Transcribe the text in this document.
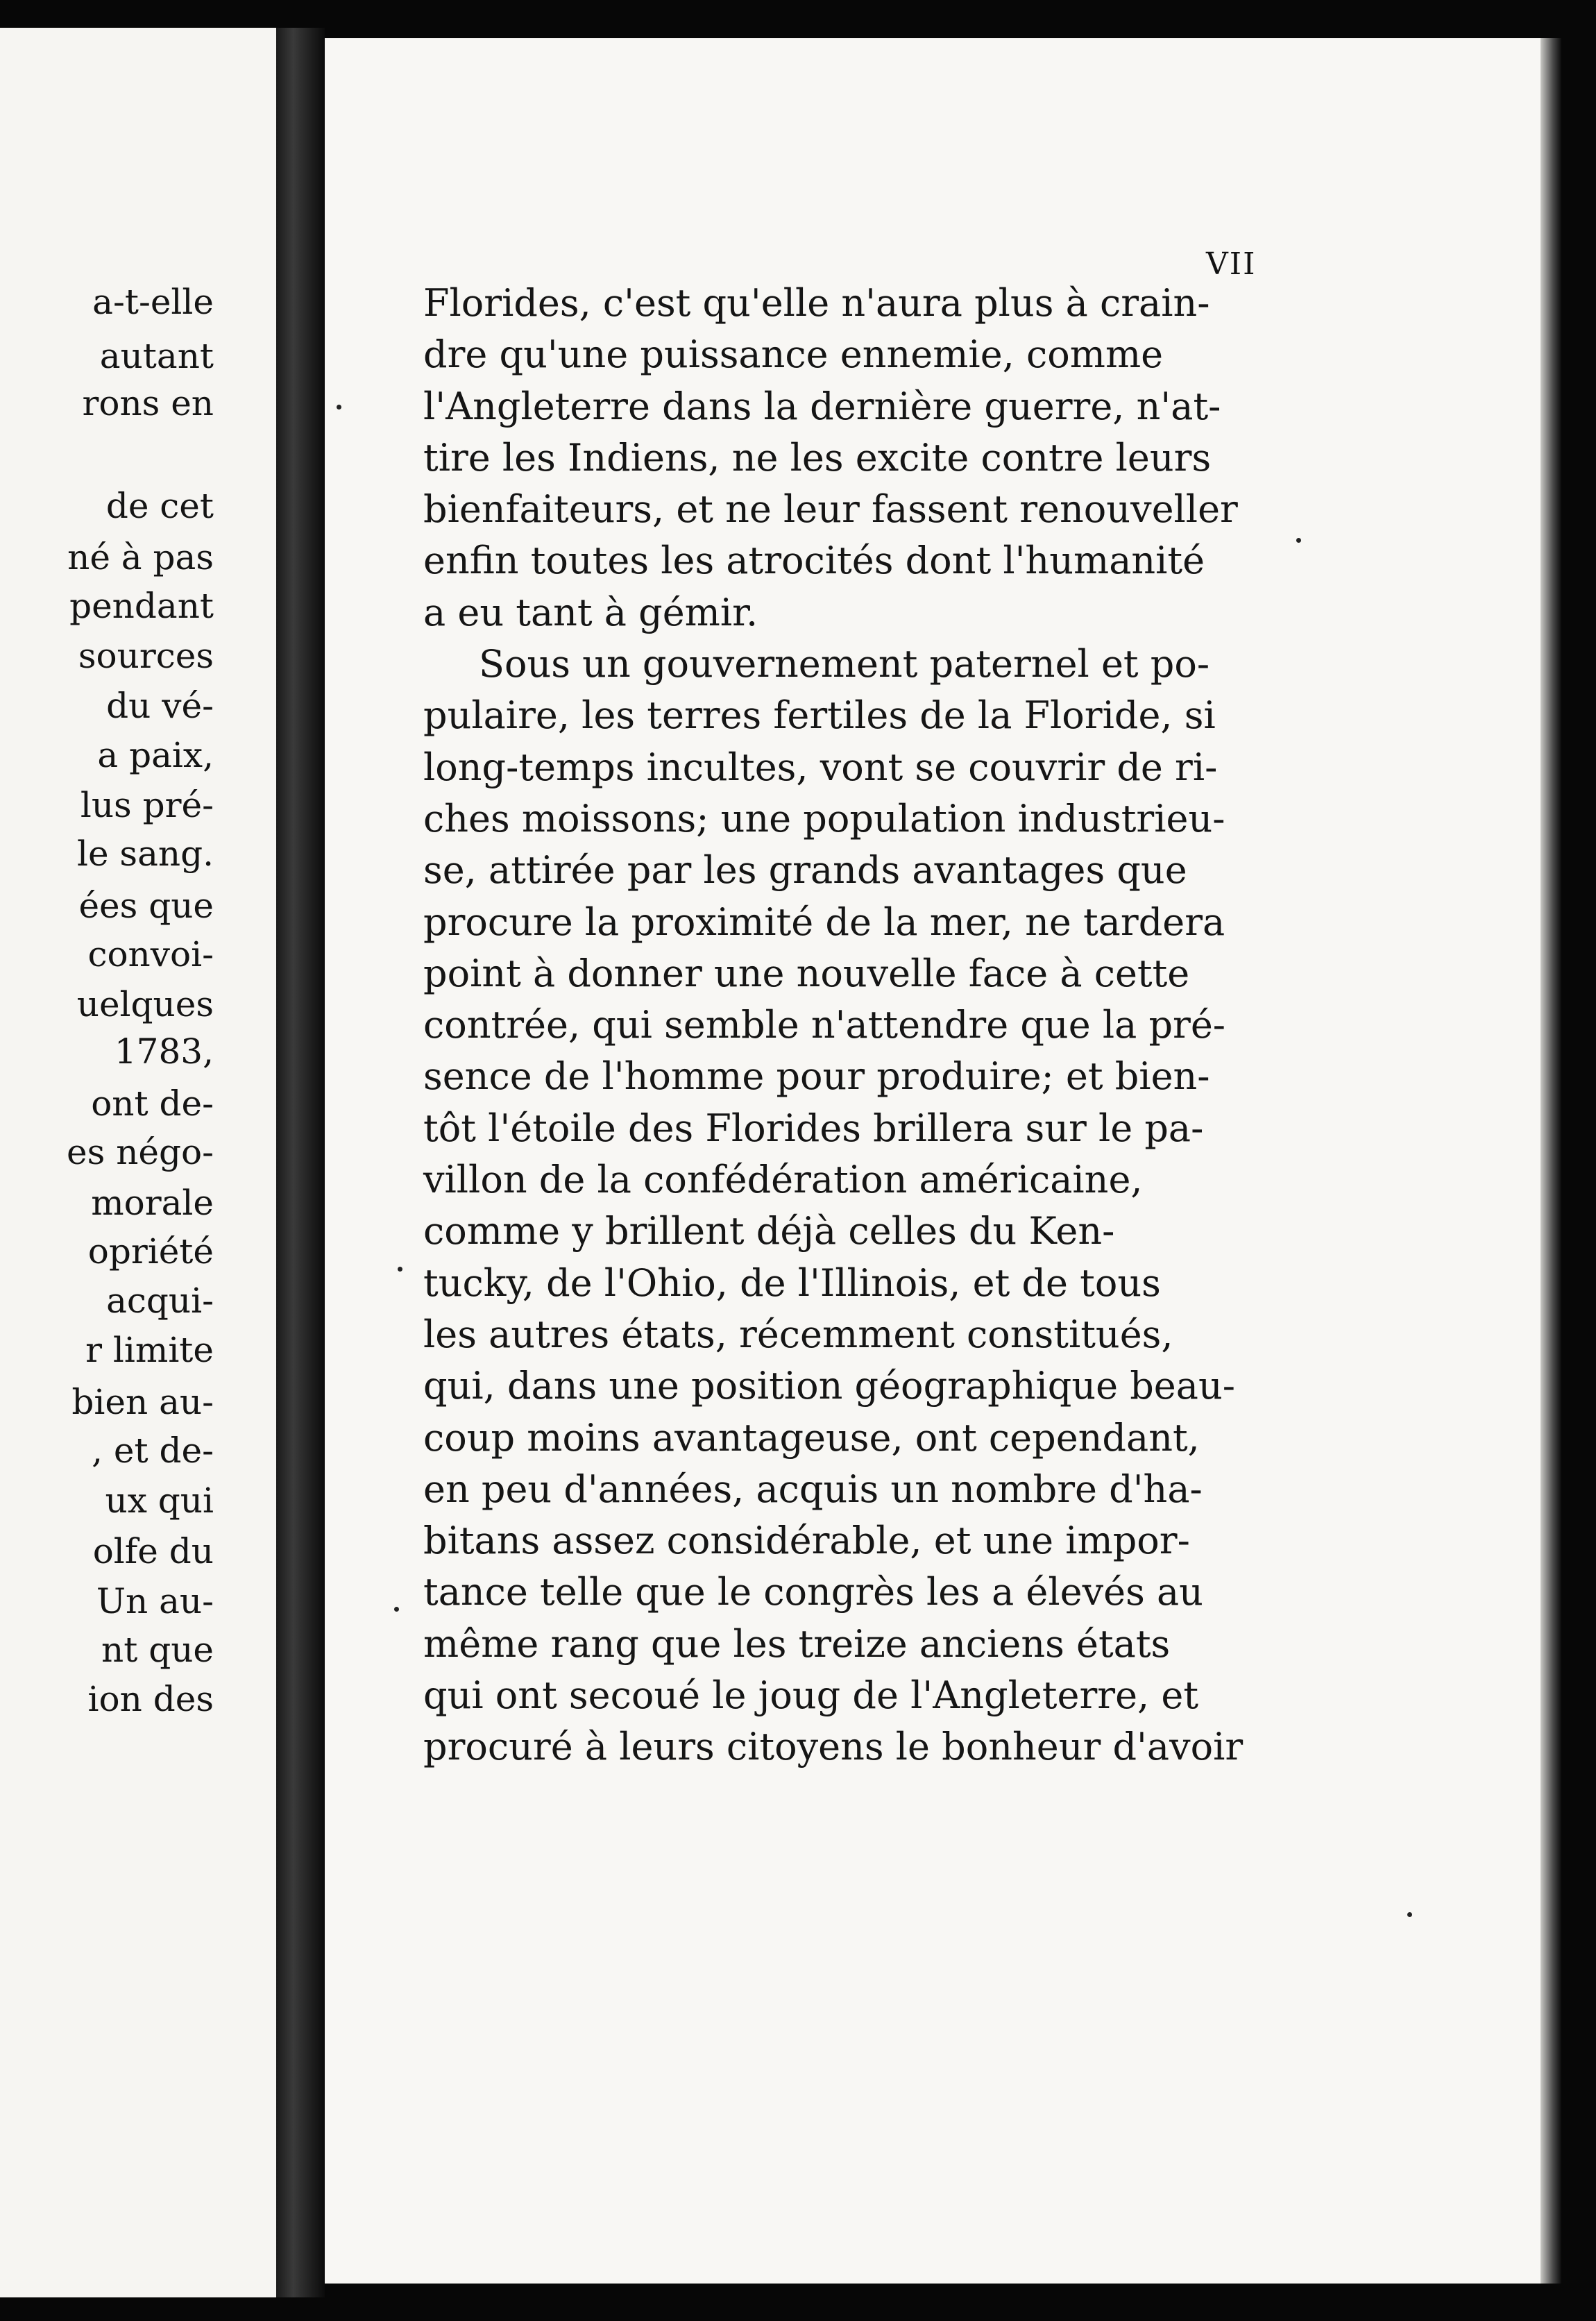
a-t-elle
autant
rons en
de cet
né à pas
pendant
sources
du vé-
a paix,
lus pré-
le sang.
ées que
convoi-
uelques
1783,
ont de-
es négo-
morale
opriété
acqui-
r limite
bien au-
, et de-
ux qui
olfe du
Un au-
nt que
ion des
VII
Florides, c'est qu'elle n'aura plus à crain-
dre qu'une puissance ennemie, comme
l'Angleterre dans la dernière guerre, n'at-
tire les Indiens, ne les excite contre leurs
bienfaiteurs, et ne leur fassent renouveller
enfin toutes les atrocités dont l'humanité
a eu tant à gémir.
Sous un gouvernement paternel et po-
pulaire, les terres fertiles de la Floride, si
long-temps incultes, vont se couvrir de ri-
ches moissons; une population industrieu-
se, attirée par les grands avantages que
procure la proximité de la mer, ne tardera
point à donner une nouvelle face à cette
contrée, qui semble n'attendre que la pré-
sence de l'homme pour produire; et bien-
tôt l'étoile des Florides brillera sur le pa-
villon de la confédération américaine,
comme y brillent déjà celles du Ken-
tucky, de l'Ohio, de l'Illinois, et de tous
les autres états, récemment constitués,
qui, dans une position géographique beau-
coup moins avantageuse, ont cependant,
en peu d'années, acquis un nombre d'ha-
bitans assez considérable, et une impor-
tance telle que le congrès les a élevés au
même rang que les treize anciens états
qui ont secoué le joug de l'Angleterre, et
procuré à leurs citoyens le bonheur d'avoir
